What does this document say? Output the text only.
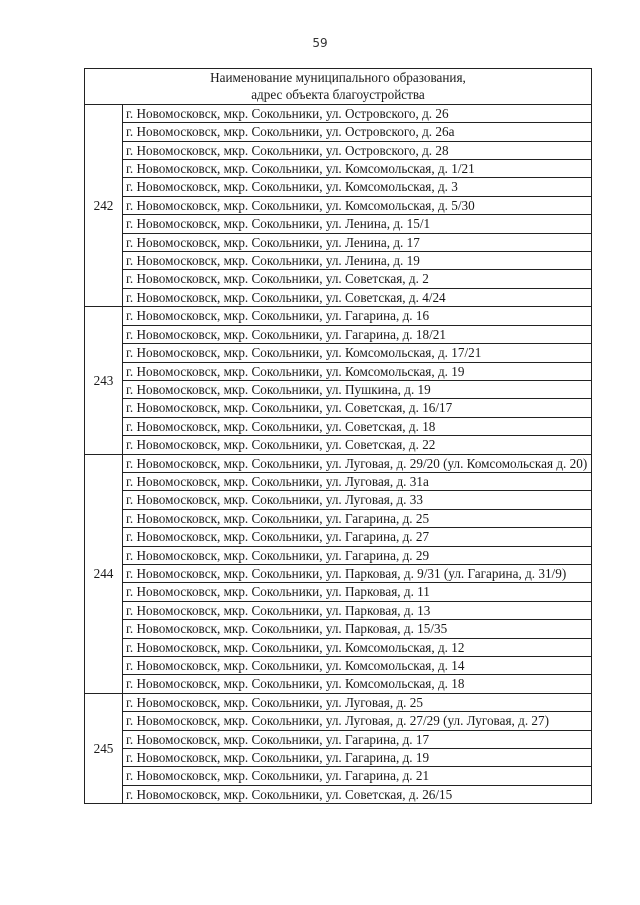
59
Наименование муниципального образования,
адрес объекта благоустройства	
242	г. Новомосковск, мкр. Сокольники, ул. Островского, д. 26
	г. Новомосковск, мкр. Сокольники, ул. Островского, д. 26а
	г. Новомосковск, мкр. Сокольники, ул. Островского, д. 28
	г. Новомосковск, мкр. Сокольники, ул. Комсомольская, д. 1/21
	г. Новомосковск, мкр. Сокольники, ул. Комсомольская, д. 3
	г. Новомосковск, мкр. Сокольники, ул. Комсомольская, д. 5/30
	г. Новомосковск, мкр. Сокольники, ул. Ленина, д. 15/1
	г. Новомосковск, мкр. Сокольники, ул. Ленина, д. 17
	г. Новомосковск, мкр. Сокольники, ул. Ленина, д. 19
	г. Новомосковск, мкр. Сокольники, ул. Советская, д. 2
	г. Новомосковск, мкр. Сокольники, ул. Советская, д. 4/24
243	г. Новомосковск, мкр. Сокольники, ул. Гагарина, д. 16
	г. Новомосковск, мкр. Сокольники, ул. Гагарина, д. 18/21
	г. Новомосковск, мкр. Сокольники, ул. Комсомольская, д. 17/21
	г. Новомосковск, мкр. Сокольники, ул. Комсомольская, д. 19
	г. Новомосковск, мкр. Сокольники, ул. Пушкина, д. 19
	г. Новомосковск, мкр. Сокольники, ул. Советская, д. 16/17
	г. Новомосковск, мкр. Сокольники, ул. Советская, д. 18
	г. Новомосковск, мкр. Сокольники, ул. Советская, д. 22
244	г. Новомосковск, мкр. Сокольники, ул. Луговая, д. 29/20 (ул. Комсомольская д. 20)
	г. Новомосковск, мкр. Сокольники, ул. Луговая, д. 31а
	г. Новомосковск, мкр. Сокольники, ул. Луговая, д. 33
	г. Новомосковск, мкр. Сокольники, ул. Гагарина, д. 25
	г. Новомосковск, мкр. Сокольники, ул. Гагарина, д. 27
	г. Новомосковск, мкр. Сокольники, ул. Гагарина, д. 29
	г. Новомосковск, мкр. Сокольники, ул. Парковая, д. 9/31 (ул. Гагарина, д. 31/9)
	г. Новомосковск, мкр. Сокольники, ул. Парковая, д. 11
	г. Новомосковск, мкр. Сокольники, ул. Парковая, д. 13
	г. Новомосковск, мкр. Сокольники, ул. Парковая, д. 15/35
	г. Новомосковск, мкр. Сокольники, ул. Комсомольская, д. 12
	г. Новомосковск, мкр. Сокольники, ул. Комсомольская, д. 14
	г. Новомосковск, мкр. Сокольники, ул. Комсомольская, д. 18
245	г. Новомосковск, мкр. Сокольники, ул. Луговая, д. 25
	г. Новомосковск, мкр. Сокольники, ул. Луговая, д. 27/29 (ул. Луговая, д. 27)
	г. Новомосковск, мкр. Сокольники, ул. Гагарина, д. 17
	г. Новомосковск, мкр. Сокольники, ул. Гагарина, д. 19
	г. Новомосковск, мкр. Сокольники, ул. Гагарина, д. 21
	г. Новомосковск, мкр. Сокольники, ул. Советская, д. 26/15
